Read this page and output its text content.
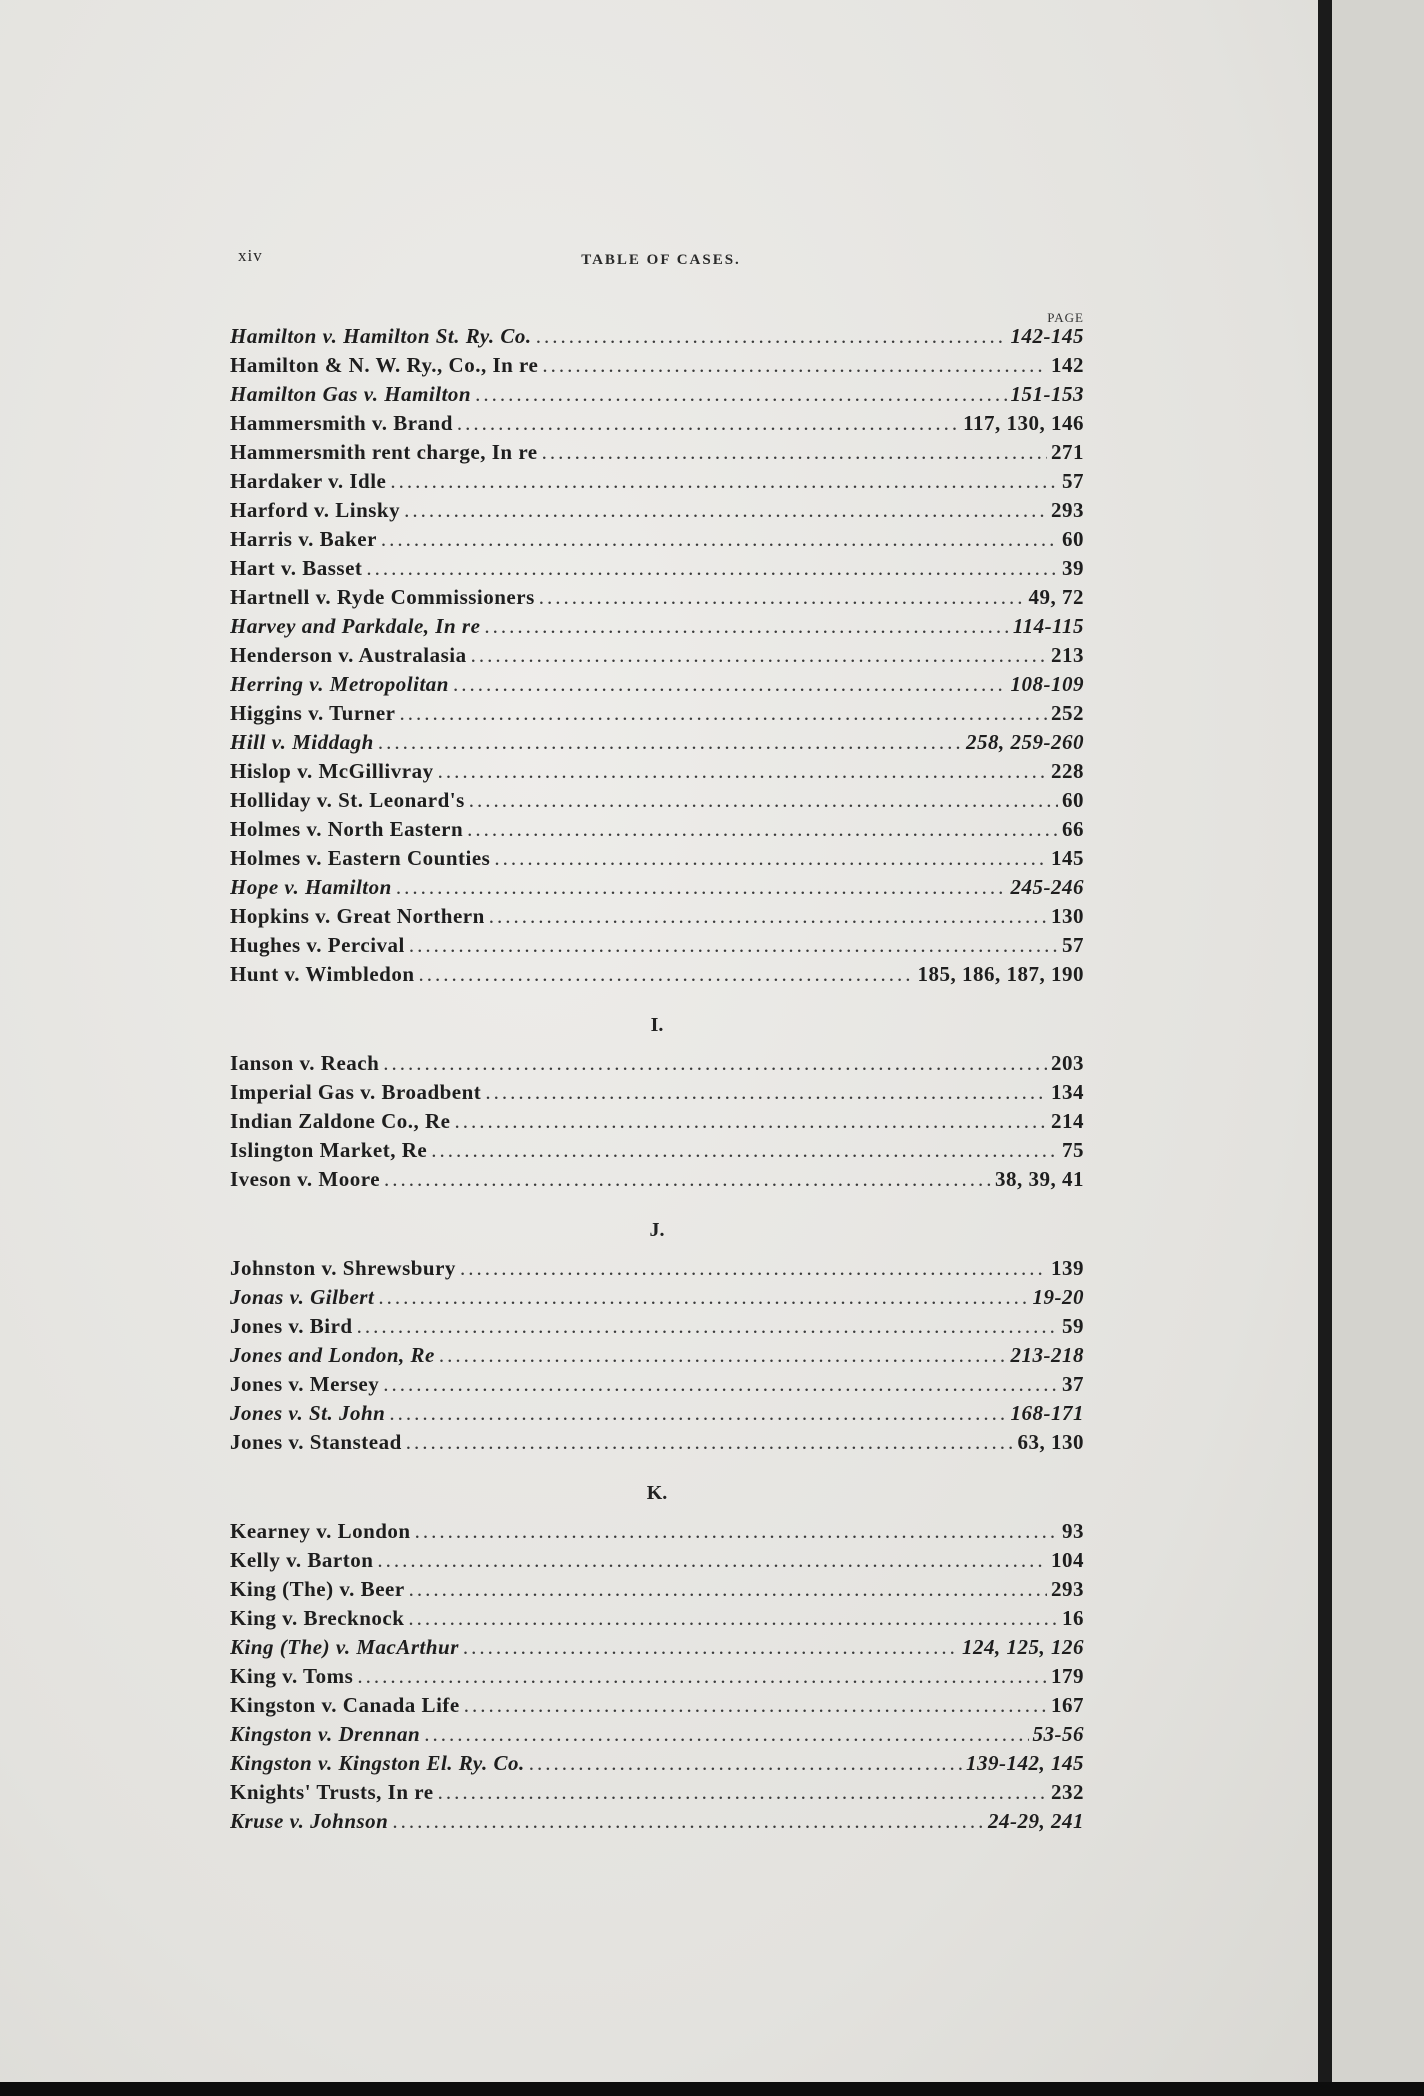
xiv	TABLE OF CASES.
PAGE
Hamilton v. Hamilton St. Ry. Co. .....	142-145
Hamilton & N. W. Ry., Co., In re .....	142
Hamilton Gas v. Hamilton .....	151-153
Hammersmith v. Brand .....	117, 130, 146
Hammersmith rent charge, In re .....	271
Hardaker v. Idle .....	57
Harford v. Linsky .....	293
Harris v. Baker .....	60
Hart v. Basset .....	39
Hartnell v. Ryde Commissioners .....	49, 72
Harvey and Parkdale, In re .....	114-115
Henderson v. Australasia .....	213
Herring v. Metropolitan .....	108-109
Higgins v. Turner .....	252
Hill v. Middagh .....	258, 259-260
Hislop v. McGillivray .....	228
Holliday v. St. Leonard's .....	60
Holmes v. North Eastern .....	66
Holmes v. Eastern Counties .....	145
Hope v. Hamilton .....	245-246
Hopkins v. Great Northern .....	130
Hughes v. Percival .....	57
Hunt v. Wimbledon .....	185, 186, 187, 190
I.
Ianson v. Reach .....	203
Imperial Gas v. Broadbent .....	134
Indian Zaldone Co., Re .....	214
Islington Market, Re .....	75
Iveson v. Moore .....	38, 39, 41
J.
Johnston v. Shrewsbury .....	139
Jonas v. Gilbert .....	19-20
Jones v. Bird .....	59
Jones and London, Re .....	213-218
Jones v. Mersey .....	37
Jones v. St. John .....	168-171
Jones v. Stanstead .....	63, 130
K.
Kearney v. London .....	93
Kelly v. Barton .....	104
King (The) v. Beer .....	293
King v. Brecknock .....	16
King (The) v. MacArthur .....	124, 125, 126
King v. Toms .....	179
Kingston v. Canada Life .....	167
Kingston v. Drennan .....	53-56
Kingston v. Kingston El. Ry. Co. .....	139-142, 145
Knights' Trusts, In re .....	232
Kruse v. Johnson .....	24-29, 241
